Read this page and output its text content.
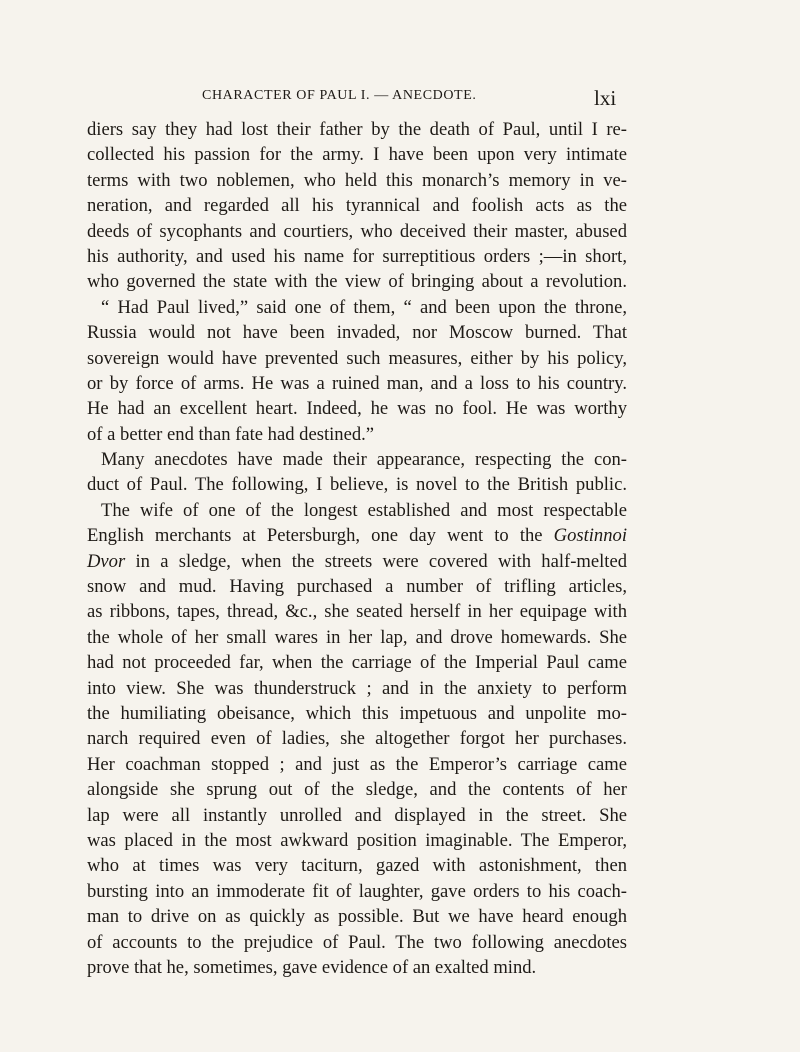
CHARACTER OF PAUL I. — ANECDOTE.	lxi
diers say they had lost their father by the death of Paul, until I re-
collected his passion for the army. I have been upon very intimate
terms with two noblemen, who held this monarch’s memory in ve-
neration, and regarded all his tyrannical and foolish acts as the
deeds of sycophants and courtiers, who deceived their master, abused
his authority, and used his name for surreptitious orders ;—in short,
who governed the state with the view of bringing about a revolution.
“ Had Paul lived,” said one of them, “ and been upon the throne,
Russia would not have been invaded, nor Moscow burned. That
sovereign would have prevented such measures, either by his policy,
or by force of arms. He was a ruined man, and a loss to his country.
He had an excellent heart. Indeed, he was no fool. He was worthy
of a better end than fate had destined.”
Many anecdotes have made their appearance, respecting the con-
duct of Paul. The following, I believe, is novel to the British public.
The wife of one of the longest established and most respectable
English merchants at Petersburgh, one day went to the Gostinnoi
Dvor in a sledge, when the streets were covered with half-melted
snow and mud. Having purchased a number of trifling articles,
as ribbons, tapes, thread, &c., she seated herself in her equipage with
the whole of her small wares in her lap, and drove homewards. She
had not proceeded far, when the carriage of the Imperial Paul came
into view. She was thunderstruck ; and in the anxiety to perform
the humiliating obeisance, which this impetuous and unpolite mo-
narch required even of ladies, she altogether forgot her purchases.
Her coachman stopped ; and just as the Emperor’s carriage came
alongside she sprung out of the sledge, and the contents of her
lap were all instantly unrolled and displayed in the street. She
was placed in the most awkward position imaginable. The Emperor,
who at times was very taciturn, gazed with astonishment, then
bursting into an immoderate fit of laughter, gave orders to his coach-
man to drive on as quickly as possible. But we have heard enough
of accounts to the prejudice of Paul. The two following anecdotes
prove that he, sometimes, gave evidence of an exalted mind.
